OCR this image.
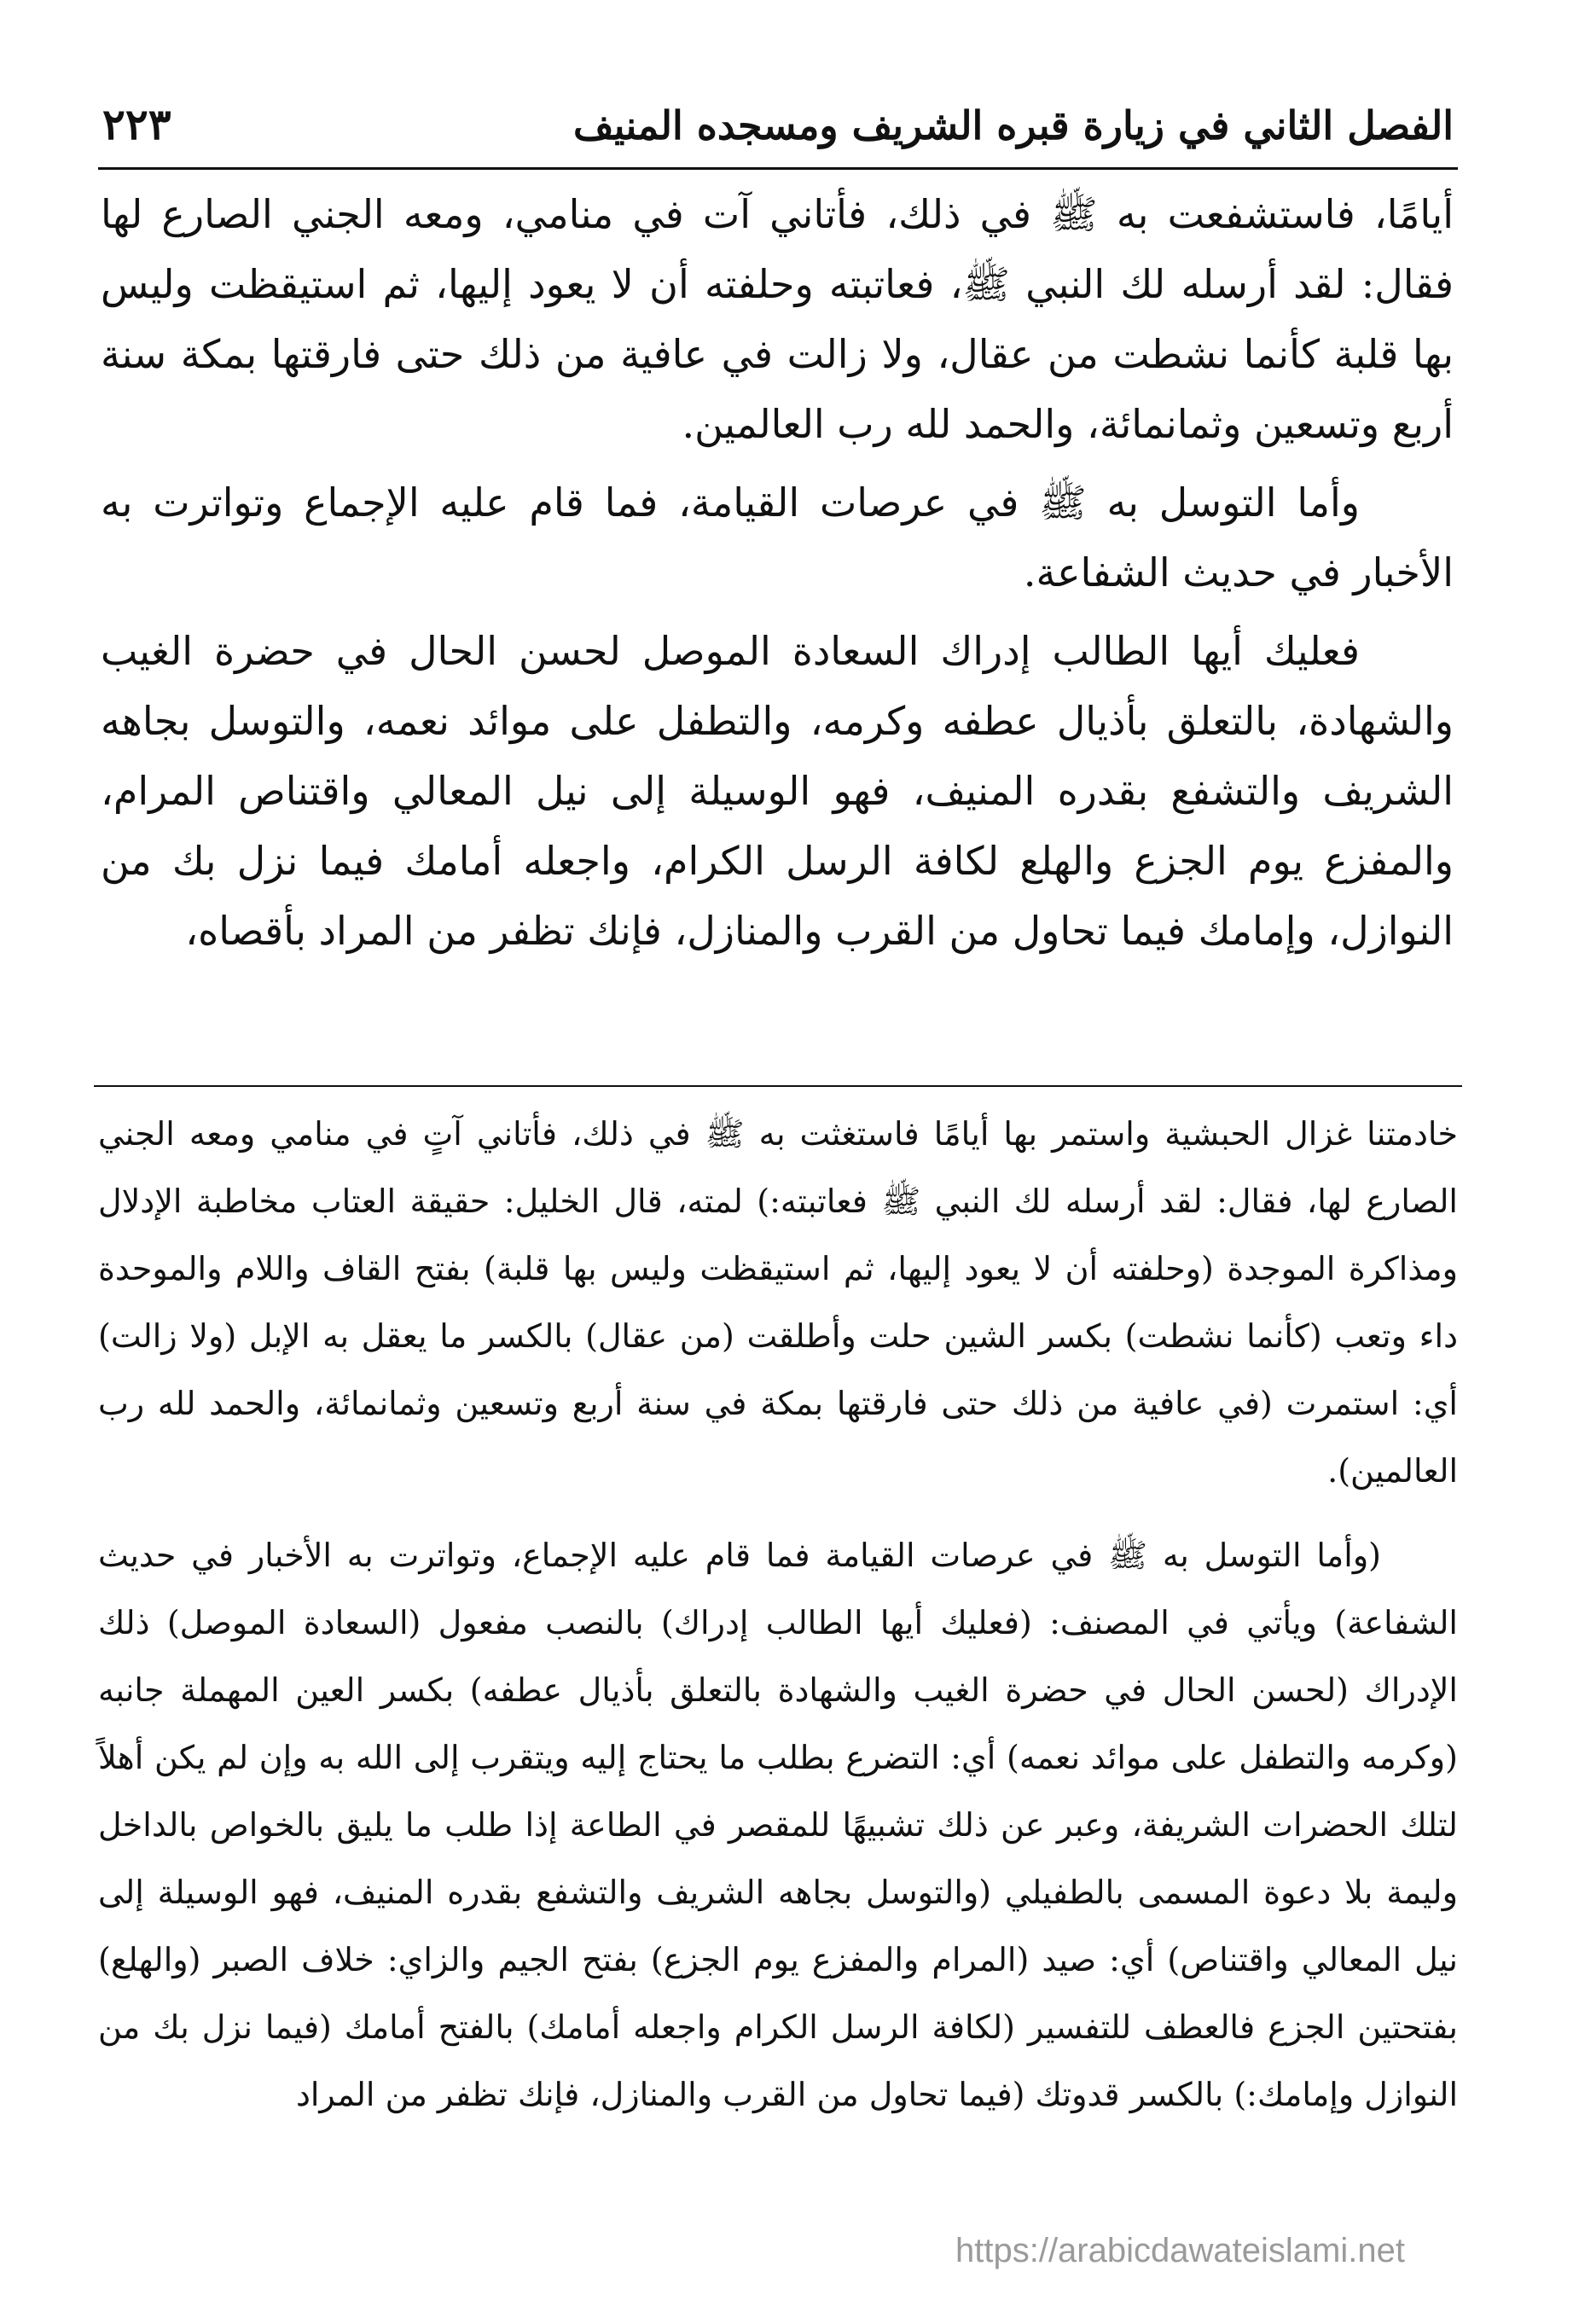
الفصل الثاني في زيارة قبره الشريف ومسجده المنيف
٢٢٣

أيامًا، فاستشفعت به ﷺ في ذلك، فأتاني آت في منامي، ومعه الجني الصارع لها فقال: لقد أرسله لك النبي ﷺ، فعاتبته وحلفته أن لا يعود إليها، ثم استيقظت وليس بها قلبة كأنما نشطت من عقال، ولا زالت في عافية من ذلك حتى فارقتها بمكة سنة أربع وتسعين وثمانمائة، والحمد لله رب العالمين.

وأما التوسل به ﷺ في عرصات القيامة، فما قام عليه الإجماع وتواترت به الأخبار في حديث الشفاعة.

فعليك أيها الطالب إدراك السعادة الموصل لحسن الحال في حضرة الغيب والشهادة، بالتعلق بأذيال عطفه وكرمه، والتطفل على موائد نعمه، والتوسل بجاهه الشريف والتشفع بقدره المنيف، فهو الوسيلة إلى نيل المعالي واقتناص المرام، والمفزع يوم الجزع والهلع لكافة الرسل الكرام، واجعله أمامك فيما نزل بك من النوازل، وإمامك فيما تحاول من القرب والمنازل، فإنك تظفر من المراد بأقصاه،

خادمتنا غزال الحبشية واستمر بها أيامًا فاستغثت به ﷺ في ذلك، فأتاني آتٍ في منامي ومعه الجني الصارع لها، فقال: لقد أرسله لك النبي ﷺ فعاتبته:) لمته، قال الخليل: حقيقة العتاب مخاطبة الإدلال ومذاكرة الموجدة (وحلفته أن لا يعود إليها، ثم استيقظت وليس بها قلبة) بفتح القاف واللام والموحدة داء وتعب (كأنما نشطت) بكسر الشين حلت وأطلقت (من عقال) بالكسر ما يعقل به الإبل (ولا زالت) أي: استمرت (في عافية من ذلك حتى فارقتها بمكة في سنة أربع وتسعين وثمانمائة، والحمد لله رب العالمين).

(وأما التوسل به ﷺ في عرصات القيامة فما قام عليه الإجماع، وتواترت به الأخبار في حديث الشفاعة) ويأتي في المصنف: (فعليك أيها الطالب إدراك) بالنصب مفعول (السعادة الموصل) ذلك الإدراك (لحسن الحال في حضرة الغيب والشهادة بالتعلق بأذيال عطفه) بكسر العين المهملة جانبه (وكرمه والتطفل على موائد نعمه) أي: التضرع بطلب ما يحتاج إليه ويتقرب إلى الله به وإن لم يكن أهلاً لتلك الحضرات الشريفة، وعبر عن ذلك تشبيهًا للمقصر في الطاعة إذا طلب ما يليق بالخواص بالداخل وليمة بلا دعوة المسمى بالطفيلي (والتوسل بجاهه الشريف والتشفع بقدره المنيف، فهو الوسيلة إلى نيل المعالي واقتناص) أي: صيد (المرام والمفزع يوم الجزع) بفتح الجيم والزاي: خلاف الصبر (والهلع) بفتحتين الجزع فالعطف للتفسير (لكافة الرسل الكرام واجعله أمامك) بالفتح أمامك (فيما نزل بك من النوازل وإمامك:) بالكسر قدوتك (فيما تحاول من القرب والمنازل، فإنك تظفر من المراد

https://arabicdawateislami.net
